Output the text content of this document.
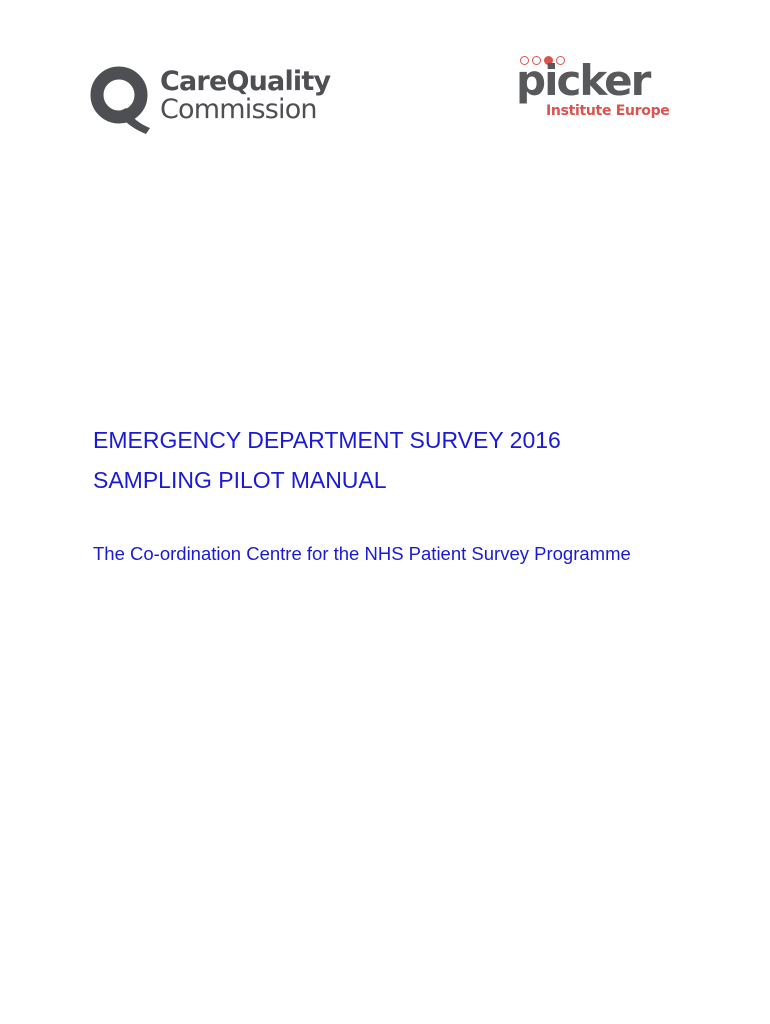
CareQuality
Commission
picker
Institute Europe
EMERGENCY DEPARTMENT SURVEY 2016
SAMPLING PILOT MANUAL
The Co-ordination Centre for the NHS Patient Survey Programme
